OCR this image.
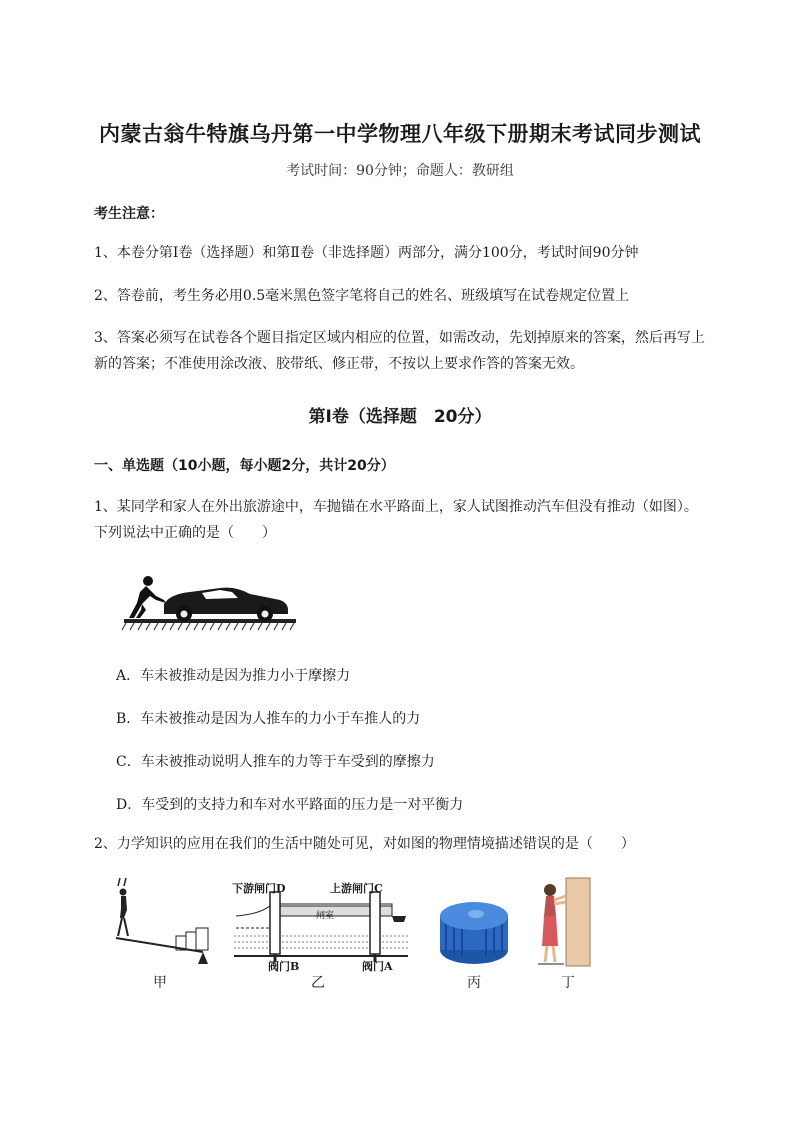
内蒙古翁牛特旗乌丹第一中学物理八年级下册期末考试同步测试
考试时间：90分钟；命题人：教研组
考生注意：
1、本卷分第Ⅰ卷（选择题）和第Ⅱ卷（非选择题）两部分，满分100分，考试时间90分钟
2、答卷前，考生务必用0.5毫米黑色签字笔将自己的姓名、班级填写在试卷规定位置上
3、答案必须写在试卷各个题目指定区域内相应的位置，如需改动，先划掉原来的答案，然后再写上新的答案；不准使用涂改液、胶带纸、修正带，不按以上要求作答的答案无效。
第Ⅰ卷（选择题　20分）
一、单选题（10小题，每小题2分，共计20分）
1、某同学和家人在外出旅游途中，车抛锚在水平路面上，家人试图推动汽车但没有推动（如图）。下列说法中正确的是（　　）
A．车未被推动是因为推力小于摩擦力
B．车未被推动是因为人推车的力小于车推人的力
C．车未被推动说明人推车的力等于车受到的摩擦力
D．车受到的支持力和车对水平路面的压力是一对平衡力
2、力学知识的应用在我们的生活中随处可见，对如图的物理情境描述错误的是（　　）
甲
下游闸门D	上游闸门C
闸室
阀门B	阀门A
乙	丙	丁
